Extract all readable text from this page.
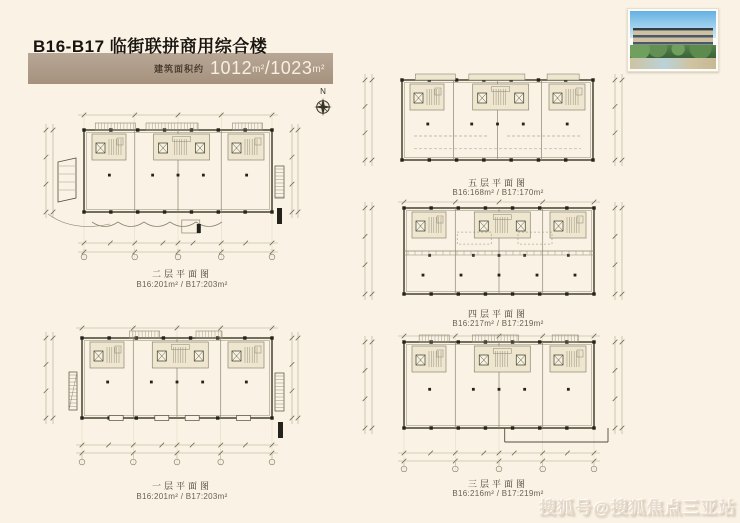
建筑面积约 1012m²/1023m²
B16-B17 临街联拼商用综合楼
N
二层平面图
B16:201m² / B17:203m²
一层平面图
B16:201m² / B17:203m²
五层平面图
B16:168m² / B17:170m²
四层平面图
B16:217m² / B17:219m²
三层平面图
B16:216m² / B17:219m²
搜狐号@搜狐焦点三亚站
